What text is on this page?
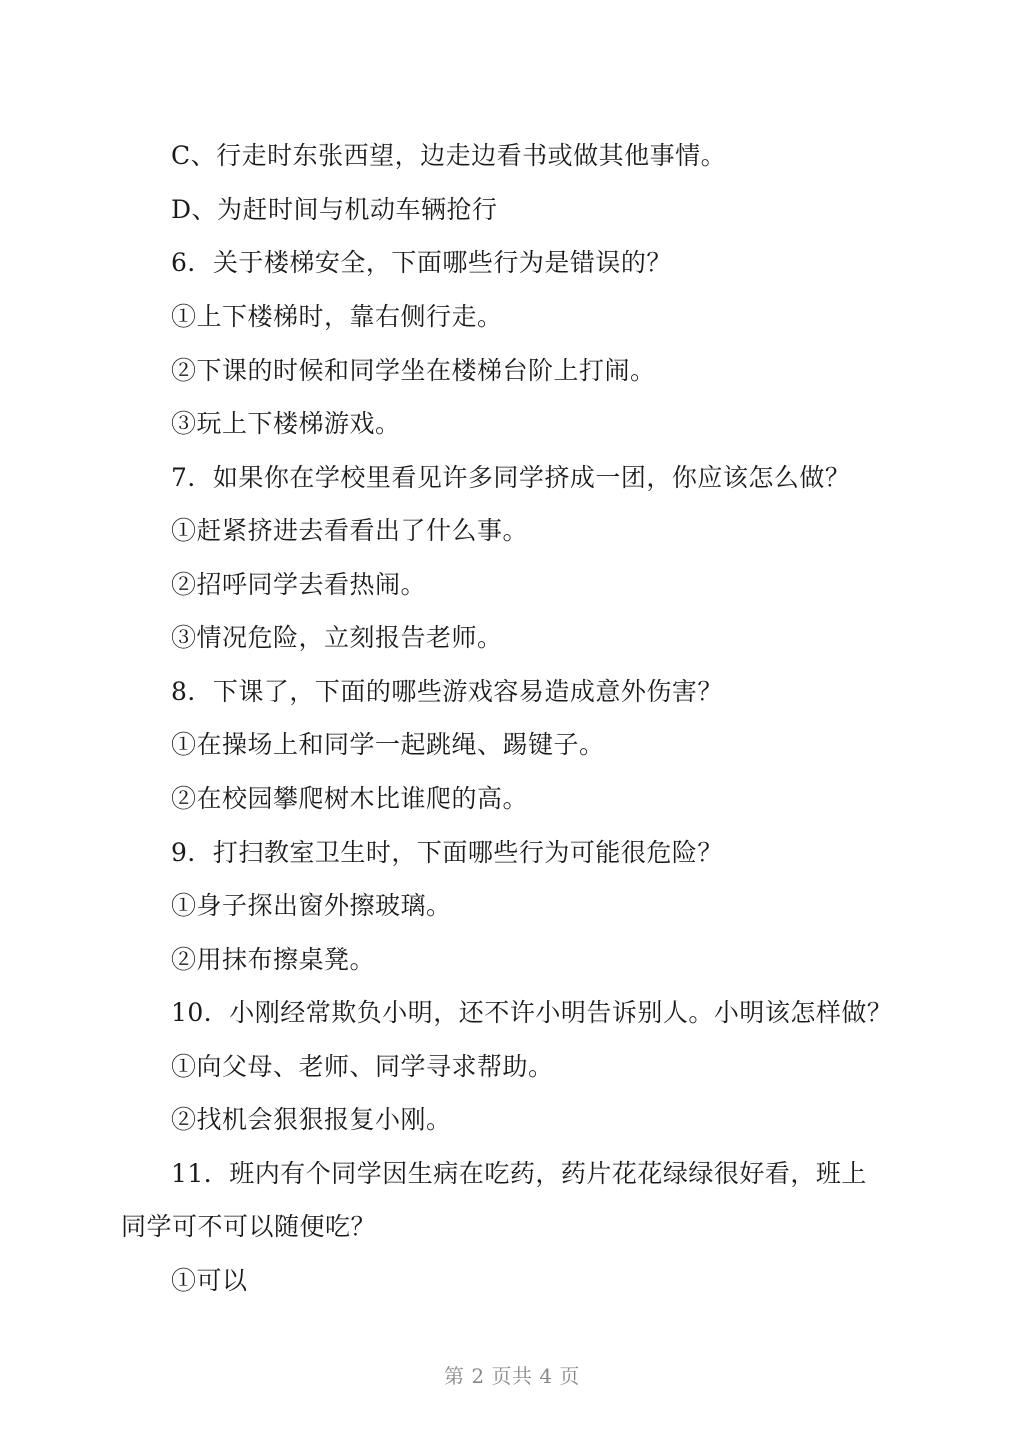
C、行走时东张西望，边走边看书或做其他事情。
D、为赶时间与机动车辆抢行
6．关于楼梯安全，下面哪些行为是错误的？
①上下楼梯时，靠右侧行走。
②下课的时候和同学坐在楼梯台阶上打闹。
③玩上下楼梯游戏。
7．如果你在学校里看见许多同学挤成一团，你应该怎么做？
①赶紧挤进去看看出了什么事。
②招呼同学去看热闹。
③情况危险，立刻报告老师。
8．下课了，下面的哪些游戏容易造成意外伤害？
①在操场上和同学一起跳绳、踢键子。
②在校园攀爬树木比谁爬的高。
9．打扫教室卫生时，下面哪些行为可能很危险？
①身子探出窗外擦玻璃。
②用抹布擦桌凳。
10．小刚经常欺负小明，还不许小明告诉别人。小明该怎样做？
①向父母、老师、同学寻求帮助。
②找机会狠狠报复小刚。
11．班内有个同学因生病在吃药，药片花花绿绿很好看，班上
同学可不可以随便吃？
①可以
第 2 页共 4 页
